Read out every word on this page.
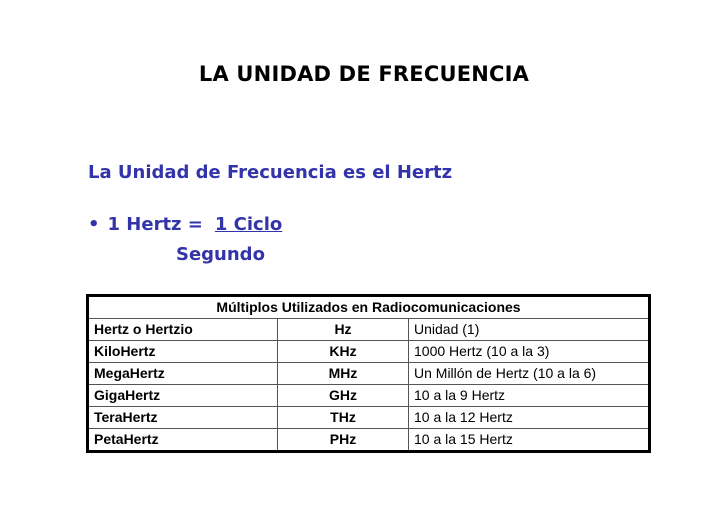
LA UNIDAD DE FRECUENCIA
La Unidad de Frecuencia es el Hertz
• 1 Hertz = 1 Ciclo
Segundo
Múltiplos Utilizados en Radiocomunicaciones		
Hertz o Hertzio	Hz	Unidad (1)
KiloHertz	KHz	1000 Hertz (10 a la 3)
MegaHertz	MHz	Un Millón de Hertz (10 a la 6)
GigaHertz	GHz	10 a la 9 Hertz
TeraHertz	THz	10 a la 12 Hertz
PetaHertz	PHz	10 a la 15 Hertz
